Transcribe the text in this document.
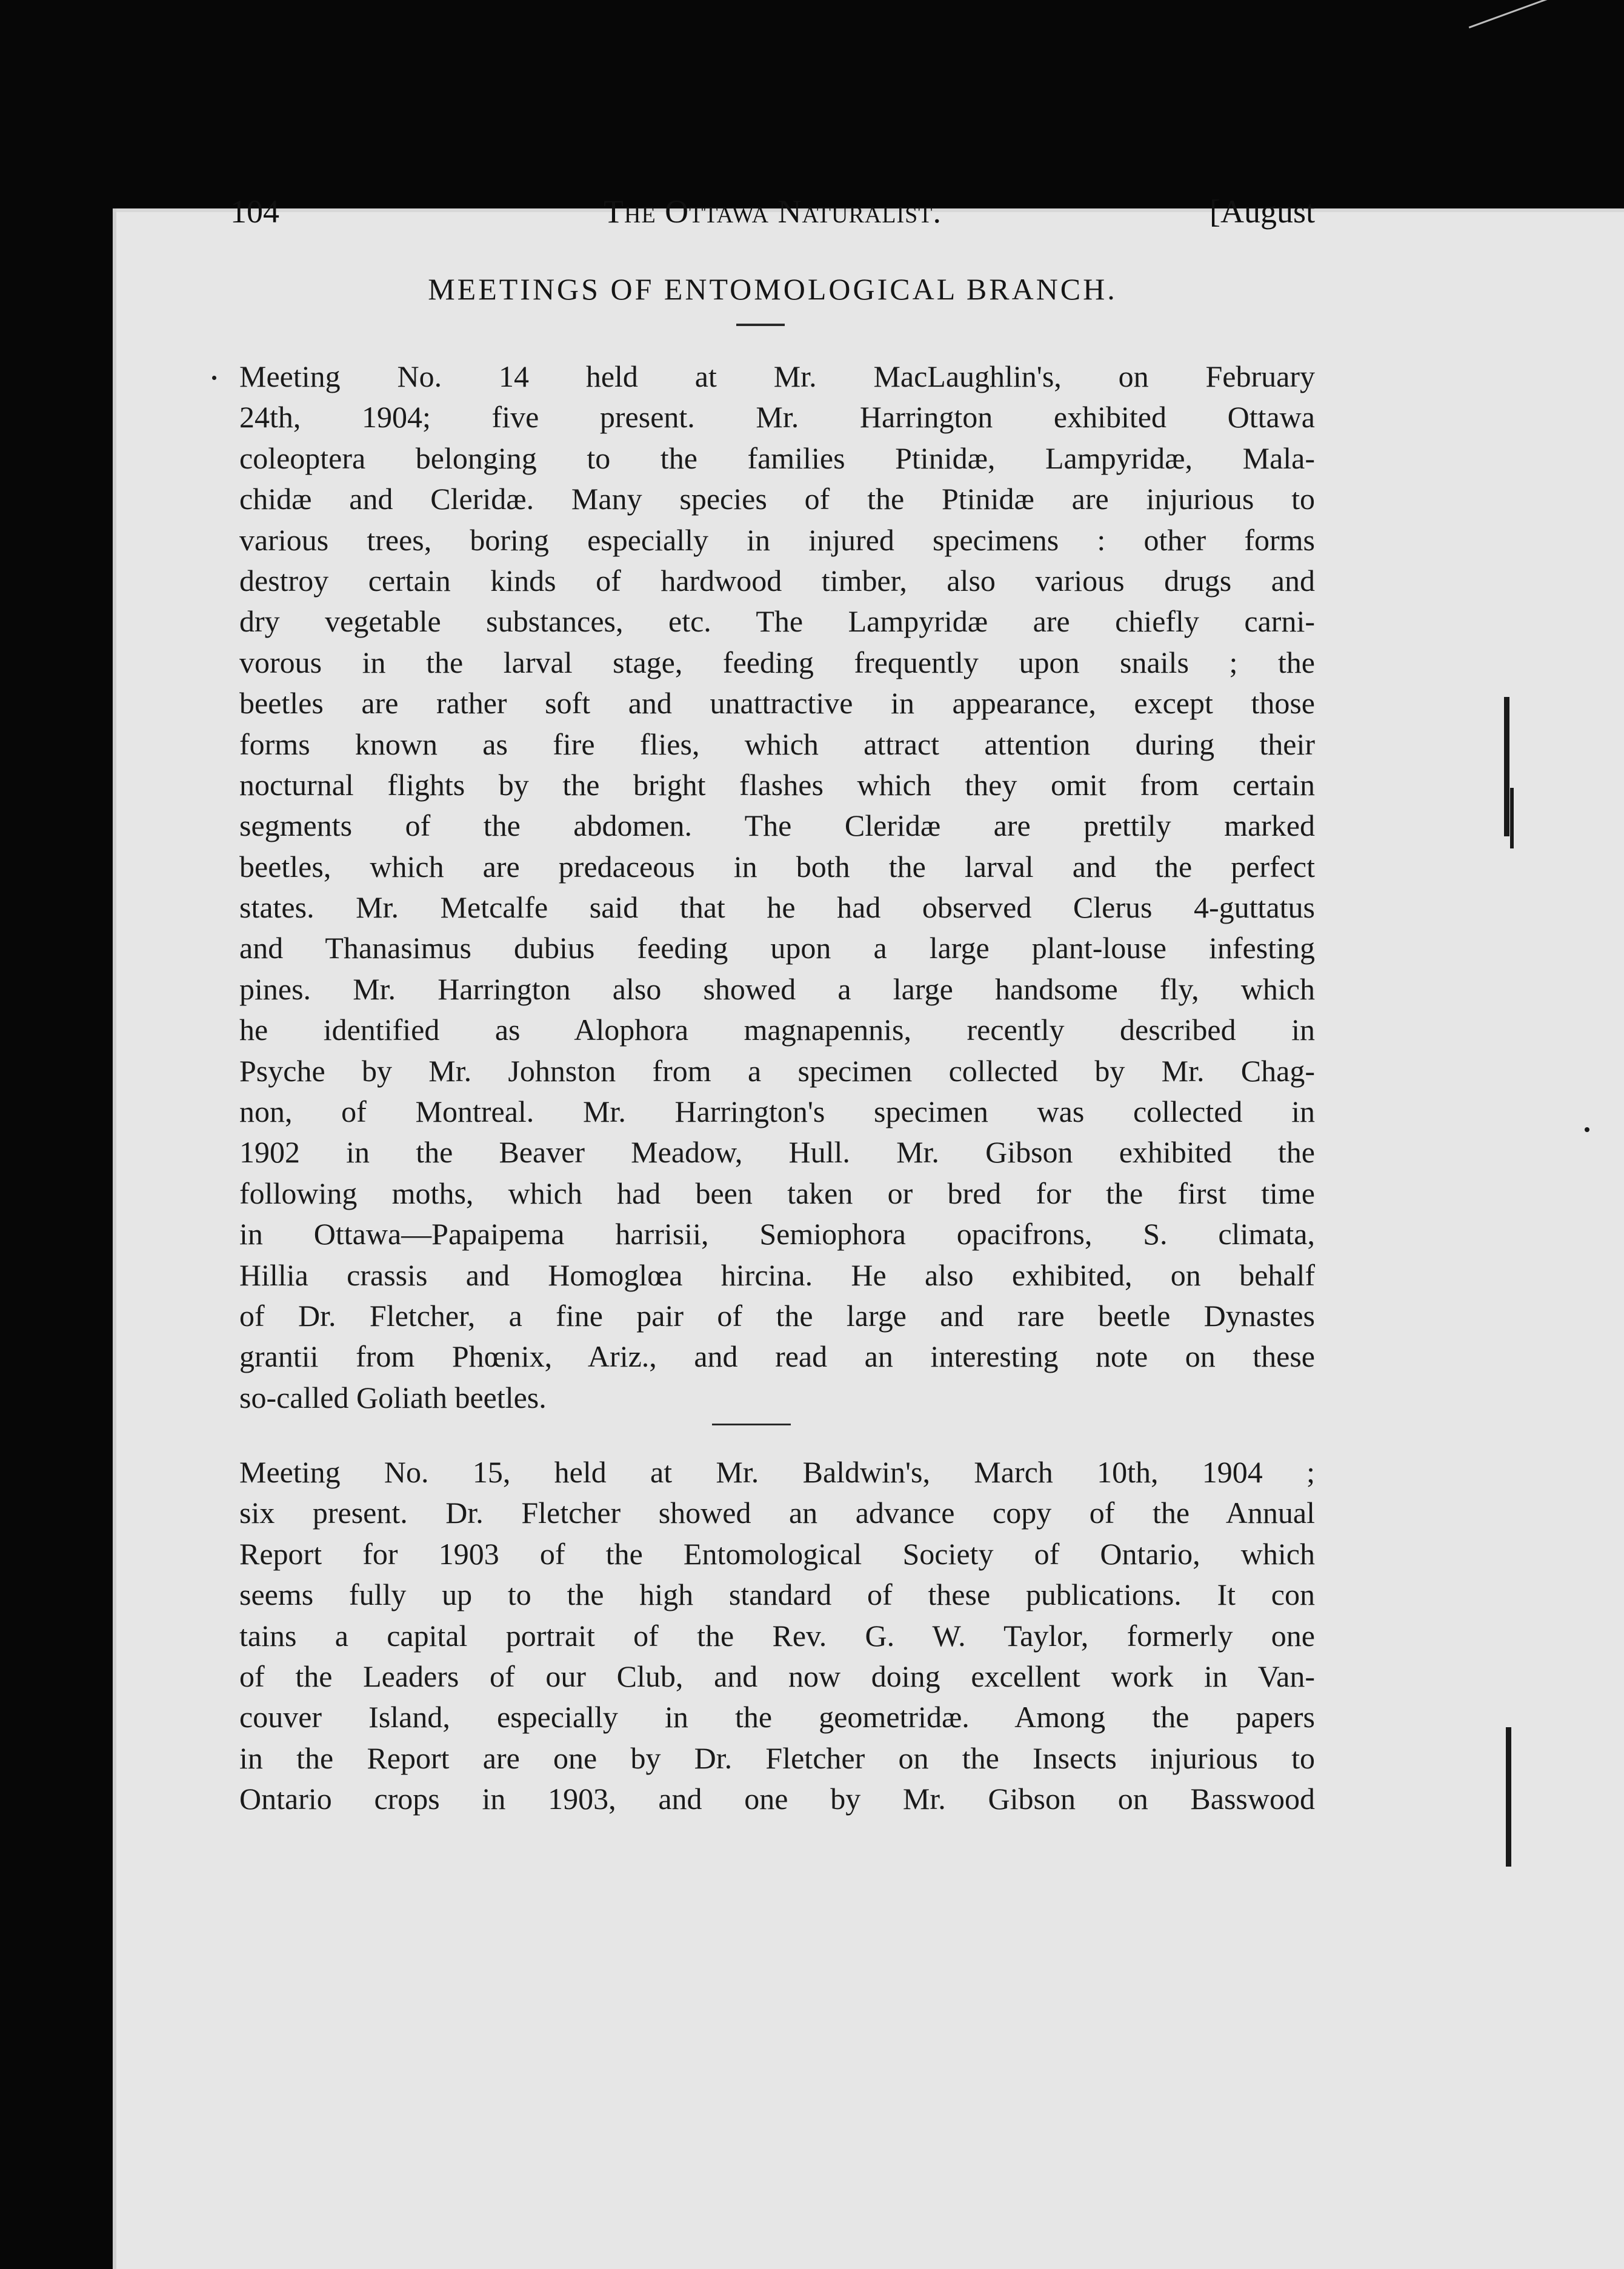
104	The Ottawa Naturalist.	[August
MEETINGS OF ENTOMOLOGICAL BRANCH.
Meeting No. 14 held at Mr. MacLaughlin's, on February
24th, 1904; five present. Mr. Harrington exhibited Ottawa
coleoptera belonging to the families Ptinidæ, Lampyridæ, Mala-
chidæ and Cleridæ. Many species of the Ptinidæ are injurious to
various trees, boring especially in injured specimens : other forms
destroy certain kinds of hardwood timber, also various drugs and
dry vegetable substances, etc. The Lampyridæ are chiefly carni-
vorous in the larval stage, feeding frequently upon snails ; the
beetles are rather soft and unattractive in appearance, except those
forms known as fire flies, which attract attention during their
nocturnal flights by the bright flashes which they omit from certain
segments of the abdomen. The Cleridæ are prettily marked
beetles, which are predaceous in both the larval and the perfect
states. Mr. Metcalfe said that he had observed Clerus 4-guttatus
and Thanasimus dubius feeding upon a large plant-louse infesting
pines. Mr. Harrington also showed a large handsome fly, which
he identified as Alophora magnapennis, recently described in
Psyche by Mr. Johnston from a specimen collected by Mr. Chag-
non, of Montreal. Mr. Harrington's specimen was collected in
1902 in the Beaver Meadow, Hull. Mr. Gibson exhibited the
following moths, which had been taken or bred for the first time
in Ottawa—Papaipema harrisii, Semiophora opacifrons, S. climata,
Hillia crassis and Homoglœa hircina. He also exhibited, on behalf
of Dr. Fletcher, a fine pair of the large and rare beetle Dynastes
grantii from Phœnix, Ariz., and read an interesting note on these
so-called Goliath beetles.
Meeting No. 15, held at Mr. Baldwin's, March 10th, 1904 ;
six present. Dr. Fletcher showed an advance copy of the Annual
Report for 1903 of the Entomological Society of Ontario, which
seems fully up to the high standard of these publications. It con
tains a capital portrait of the Rev. G. W. Taylor, formerly one
of the Leaders of our Club, and now doing excellent work in Van-
couver Island, especially in the geometridæ. Among the papers
in the Report are one by Dr. Fletcher on the Insects injurious to
Ontario crops in 1903, and one by Mr. Gibson on Basswood
